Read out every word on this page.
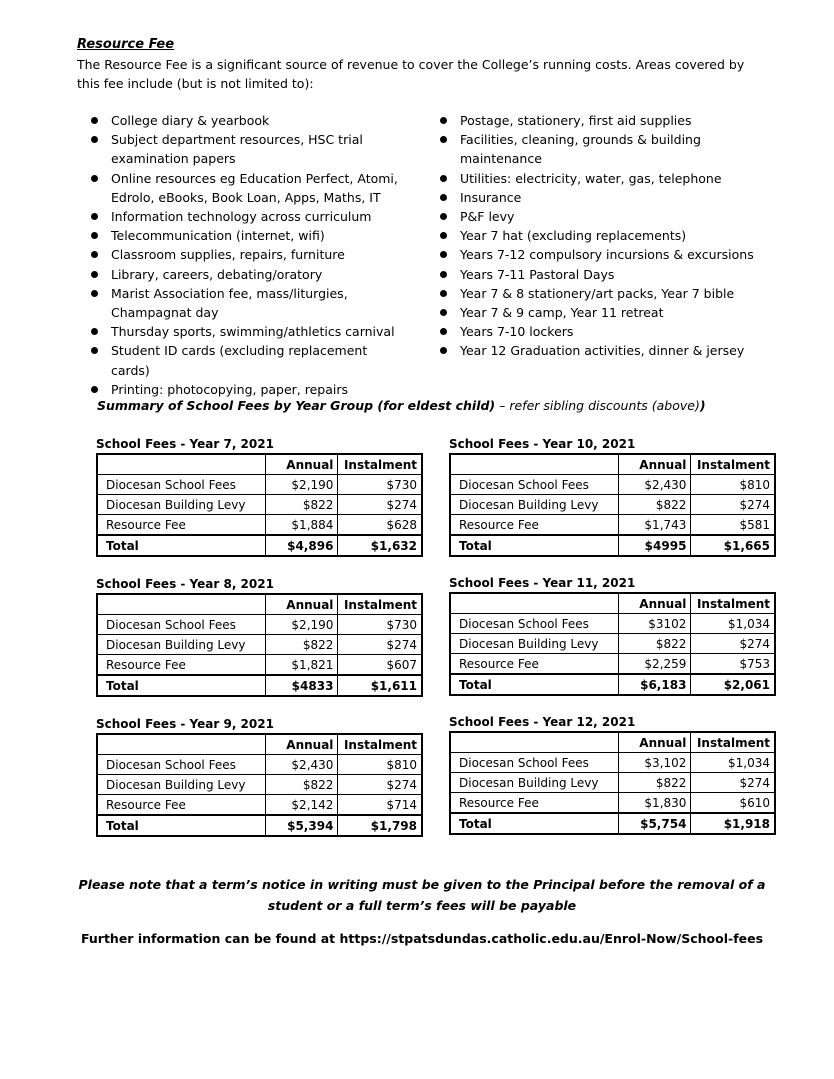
Resource Fee
The Resource Fee is a significant source of revenue to cover the College’s running costs. Areas covered by this fee include (but is not limited to):
College diary & yearbook
Subject department resources, HSC trial examination papers
Online resources eg Education Perfect, Atomi, Edrolo, eBooks, Book Loan, Apps, Maths, IT
Information technology across curriculum
Telecommunication (internet, wifi)
Classroom supplies, repairs, furniture
Library, careers, debating/oratory
Marist Association fee, mass/liturgies, Champagnat day
Thursday sports, swimming/athletics carnival
Student ID cards (excluding replacement cards)
Printing: photocopying, paper, repairs
Postage, stationery, first aid supplies
Facilities, cleaning, grounds & building maintenance
Utilities: electricity, water, gas, telephone
Insurance
P&F levy
Year 7 hat (excluding replacements)
Years 7-12 compulsory incursions & excursions
Years 7-11 Pastoral Days
Year 7 & 8 stationery/art packs, Year 7 bible
Year 7 & 9 camp, Year 11 retreat
Years 7-10 lockers
Year 12 Graduation activities, dinner & jersey
Summary of School Fees by Year Group (for eldest child) – refer sibling discounts (above))
School Fees - Year 7, 2021
	Annual	Instalment
Diocesan School Fees	$2,190	$730
Diocesan Building Levy	$822	$274
Resource Fee	$1,884	$628
Total	$4,896	$1,632
School Fees - Year 10, 2021
	Annual	Instalment
Diocesan School Fees	$2,430	$810
Diocesan Building Levy	$822	$274
Resource Fee	$1,743	$581
Total	$4995	$1,665
School Fees - Year 8, 2021
	Annual	Instalment
Diocesan School Fees	$2,190	$730
Diocesan Building Levy	$822	$274
Resource Fee	$1,821	$607
Total	$4833	$1,611
School Fees - Year 11, 2021
	Annual	Instalment
Diocesan School Fees	$3102	$1,034
Diocesan Building Levy	$822	$274
Resource Fee	$2,259	$753
Total	$6,183	$2,061
School Fees - Year 9, 2021
	Annual	Instalment
Diocesan School Fees	$2,430	$810
Diocesan Building Levy	$822	$274
Resource Fee	$2,142	$714
Total	$5,394	$1,798
School Fees - Year 12, 2021
	Annual	Instalment
Diocesan School Fees	$3,102	$1,034
Diocesan Building Levy	$822	$274
Resource Fee	$1,830	$610
Total	$5,754	$1,918
Please note that a term’s notice in writing must be given to the Principal before the removal of a student or a full term’s fees will be payable
Further information can be found at https://stpatsdundas.catholic.edu.au/Enrol-Now/School-fees
